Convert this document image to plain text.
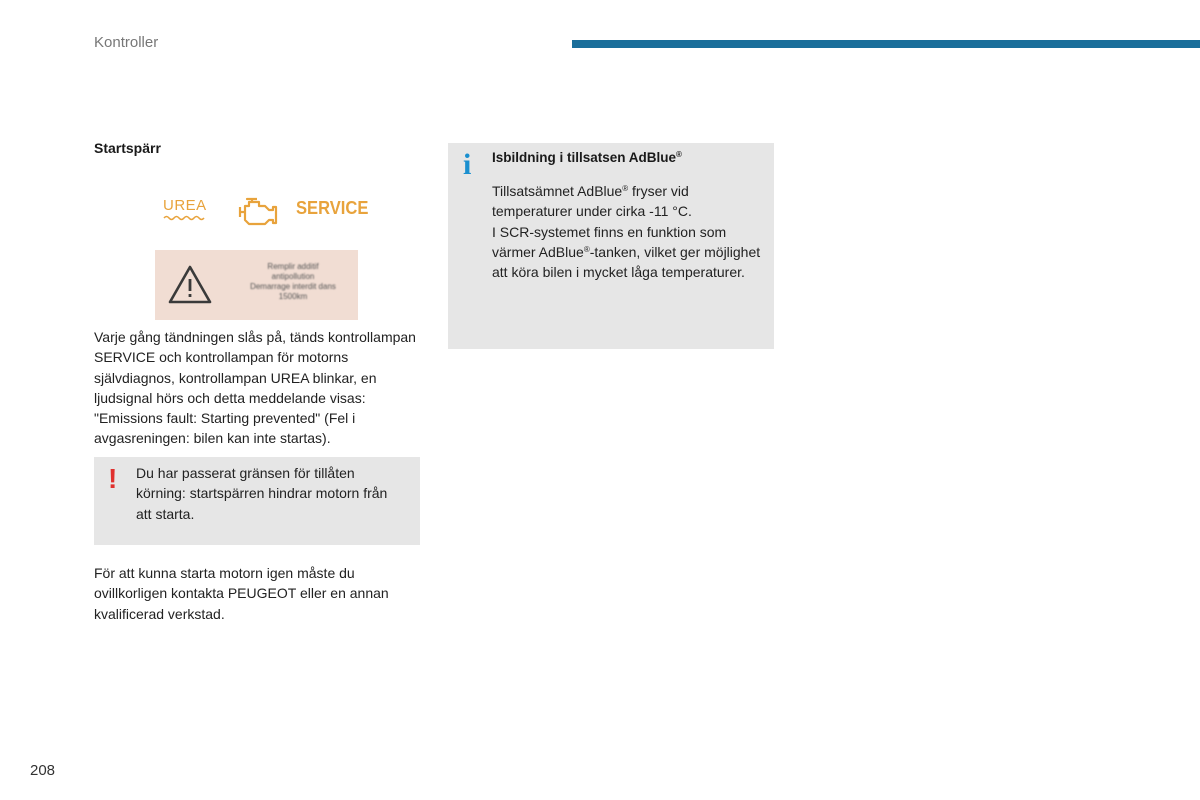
Kontroller
Startspärr
UREA	SERVICE
Remplir additif
antipollution
Demarrage interdit dans
1500km
Varje gång tändningen slås på, tänds kontrollampan SERVICE och kontrollampan för motorns självdiagnos, kontrollampan UREA blinkar, en ljudsignal hörs och detta meddelande visas: "Emissions fault: Starting prevented" (Fel i avgasreningen: bilen kan inte startas).
! Du har passerat gränsen för tillåten körning: startspärren hindrar motorn från att starta.
För att kunna starta motorn igen måste du ovillkorligen kontakta PEUGEOT eller en annan kvalificerad verkstad.
i Isbildning i tillsatsen AdBlue®
Tillsatsämnet AdBlue® fryser vid temperaturer under cirka -11 °C.
I SCR-systemet finns en funktion som värmer AdBlue®-tanken, vilket ger möjlighet att köra bilen i mycket låga temperaturer.
208
